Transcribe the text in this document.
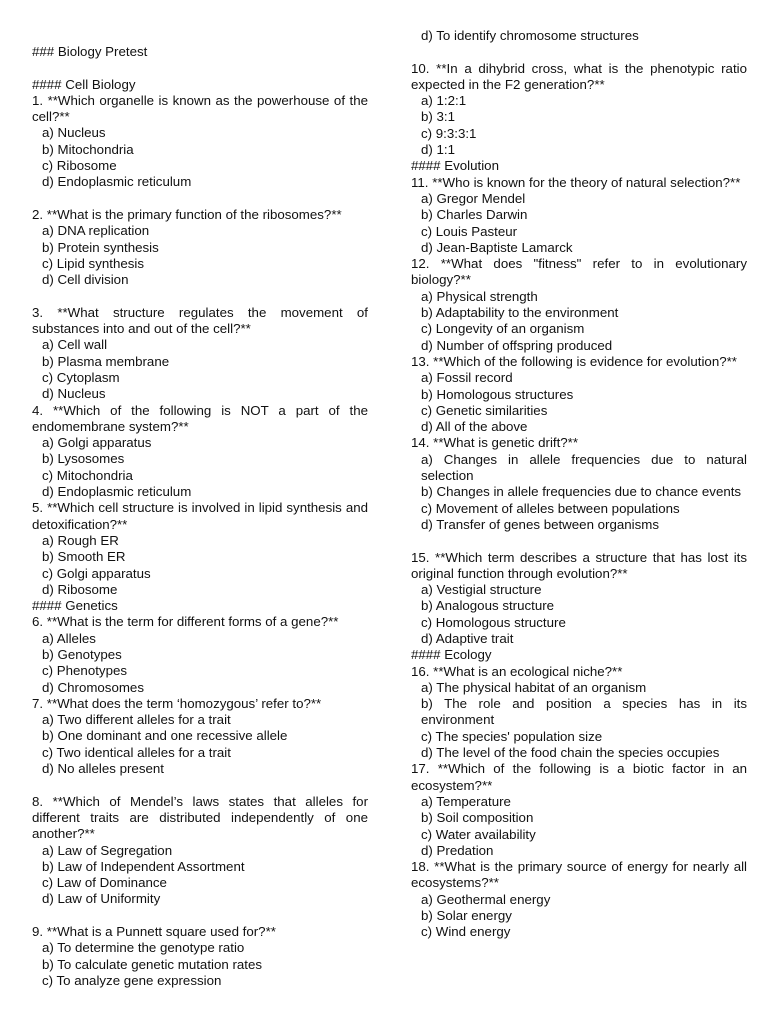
### Biology Pretest
#### Cell Biology
1. **Which organelle is known as the powerhouse of the cell?**
a) Nucleus
b) Mitochondria
c) Ribosome
d) Endoplasmic reticulum
2. **What is the primary function of the ribosomes?**
a) DNA replication
b) Protein synthesis
c) Lipid synthesis
d) Cell division
3. **What structure regulates the movement of substances into and out of the cell?**
a) Cell wall
b) Plasma membrane
c) Cytoplasm
d) Nucleus
4. **Which of the following is NOT a part of the endomembrane system?**
a) Golgi apparatus
b) Lysosomes
c) Mitochondria
d) Endoplasmic reticulum
5. **Which cell structure is involved in lipid synthesis and detoxification?**
a) Rough ER
b) Smooth ER
c) Golgi apparatus
d) Ribosome
#### Genetics
6. **What is the term for different forms of a gene?**
a) Alleles
b) Genotypes
c) Phenotypes
d) Chromosomes
7. **What does the term ‘homozygous’ refer to?**
a) Two different alleles for a trait
b) One dominant and one recessive allele
c) Two identical alleles for a trait
d) No alleles present
8. **Which of Mendel’s laws states that alleles for different traits are distributed independently of one another?**
a) Law of Segregation
b) Law of Independent Assortment
c) Law of Dominance
d) Law of Uniformity
9. **What is a Punnett square used for?**
a) To determine the genotype ratio
b) To calculate genetic mutation rates
c) To analyze gene expression
d) To identify chromosome structures
10. **In a dihybrid cross, what is the phenotypic ratio expected in the F2 generation?**
a) 1:2:1
b) 3:1
c) 9:3:3:1
d) 1:1
#### Evolution
11. **Who is known for the theory of natural selection?**
a) Gregor Mendel
b) Charles Darwin
c) Louis Pasteur
d) Jean-Baptiste Lamarck
12. **What does "fitness" refer to in evolutionary biology?**
a) Physical strength
b) Adaptability to the environment
c) Longevity of an organism
d) Number of offspring produced
13. **Which of the following is evidence for evolution?**
a) Fossil record
b) Homologous structures
c) Genetic similarities
d) All of the above
14. **What is genetic drift?**
a) Changes in allele frequencies due to natural selection
b) Changes in allele frequencies due to chance events
c) Movement of alleles between populations
d) Transfer of genes between organisms
15. **Which term describes a structure that has lost its original function through evolution?**
a) Vestigial structure
b) Analogous structure
c) Homologous structure
d) Adaptive trait
#### Ecology
16. **What is an ecological niche?**
a) The physical habitat of an organism
b) The role and position a species has in its environment
c) The species' population size
d) The level of the food chain the species occupies
17. **Which of the following is a biotic factor in an ecosystem?**
a) Temperature
b) Soil composition
c) Water availability
d) Predation
18. **What is the primary source of energy for nearly all ecosystems?**
a) Geothermal energy
b) Solar energy
c) Wind energy
